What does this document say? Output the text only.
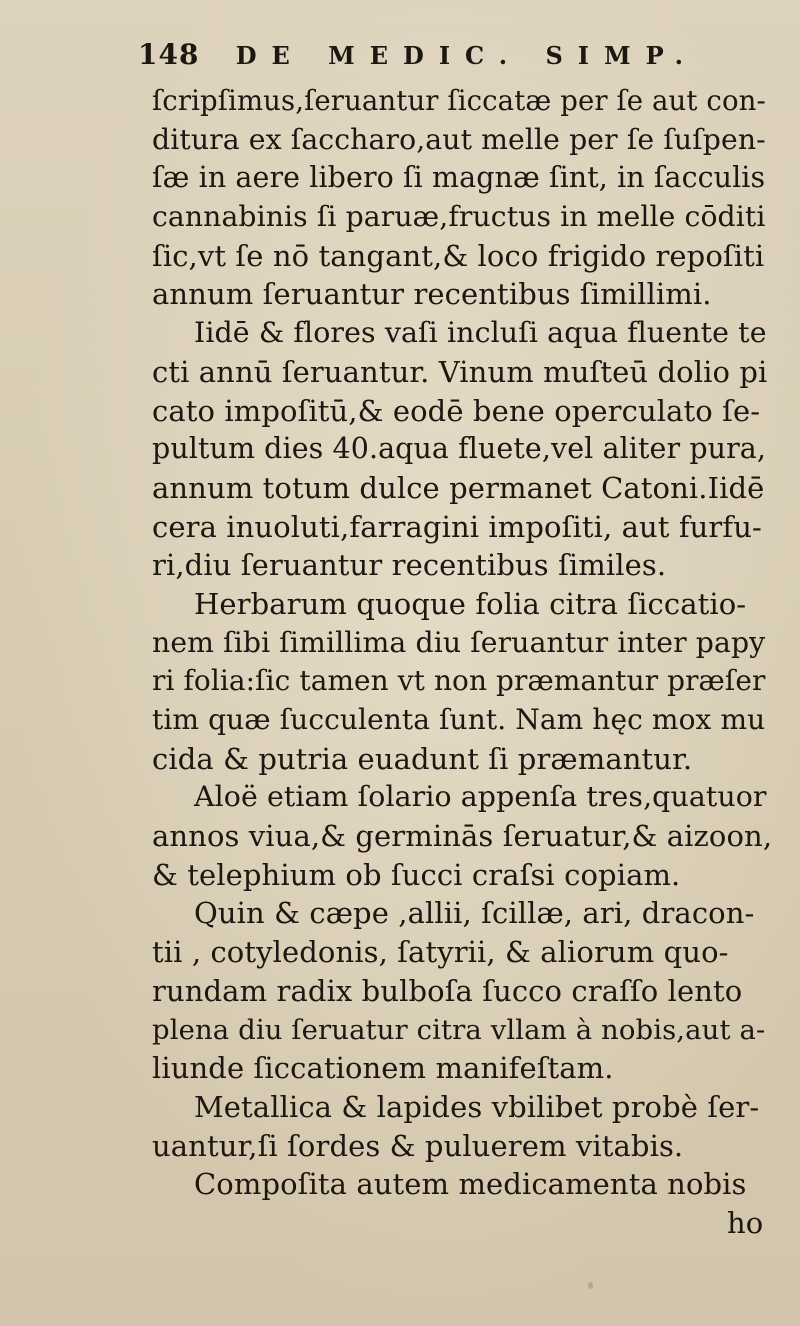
148	DE MEDIC. SIMP.
ſcripſimus,ſeruantur ſiccatæ per ſe aut con-
ditura ex ſaccharo,aut melle per ſe ſuſpen-
ſæ in aere libero ſi magnæ ſint, in ſacculis
cannabinis ſi paruæ,fructus in melle cōditi
ſic,vt ſe nō tangant,& loco frigido repoſiti
annum ſeruantur recentibus ſimillimi.
Iidē & flores vaſi incluſi aqua fluente te
cti annū ſeruantur. Vinum muſteū dolio pi
cato impoſitū,& eodē bene operculato ſe-
pultum dies 40.aqua fluete,vel aliter pura,
annum totum dulce permanet Catoni.Iidē
cera inuoluti,farragini impoſiti, aut furfu-
ri,diu ſeruantur recentibus ſimiles.
Herbarum quoque folia citra ſiccatio-
nem ſibi ſimillima diu ſeruantur inter papy
ri folia:ſic tamen vt non præmantur præſer
tim quæ ſucculenta ſunt. Nam hęc mox mu
cida & putria euadunt ſi præmantur.
Aloë etiam ſolario appenſa tres,quatuor
annos viua,& germinās ſeruatur,& aizoon,
& telephium ob ſucci craſsi copiam.
Quin & cæpe ,allii, ſcillæ, ari, dracon-
tii , cotyledonis, ſatyrii, & aliorum quo-
rundam radix bulboſa ſucco craſſo lento
plena diu ſeruatur citra vllam à nobis,aut a-
liunde ſiccationem manifeſtam.
Metallica & lapides vbilibet probè ſer-
uantur,ſi ſordes & puluerem vitabis.
Compoſita autem medicamenta nobis
ho
